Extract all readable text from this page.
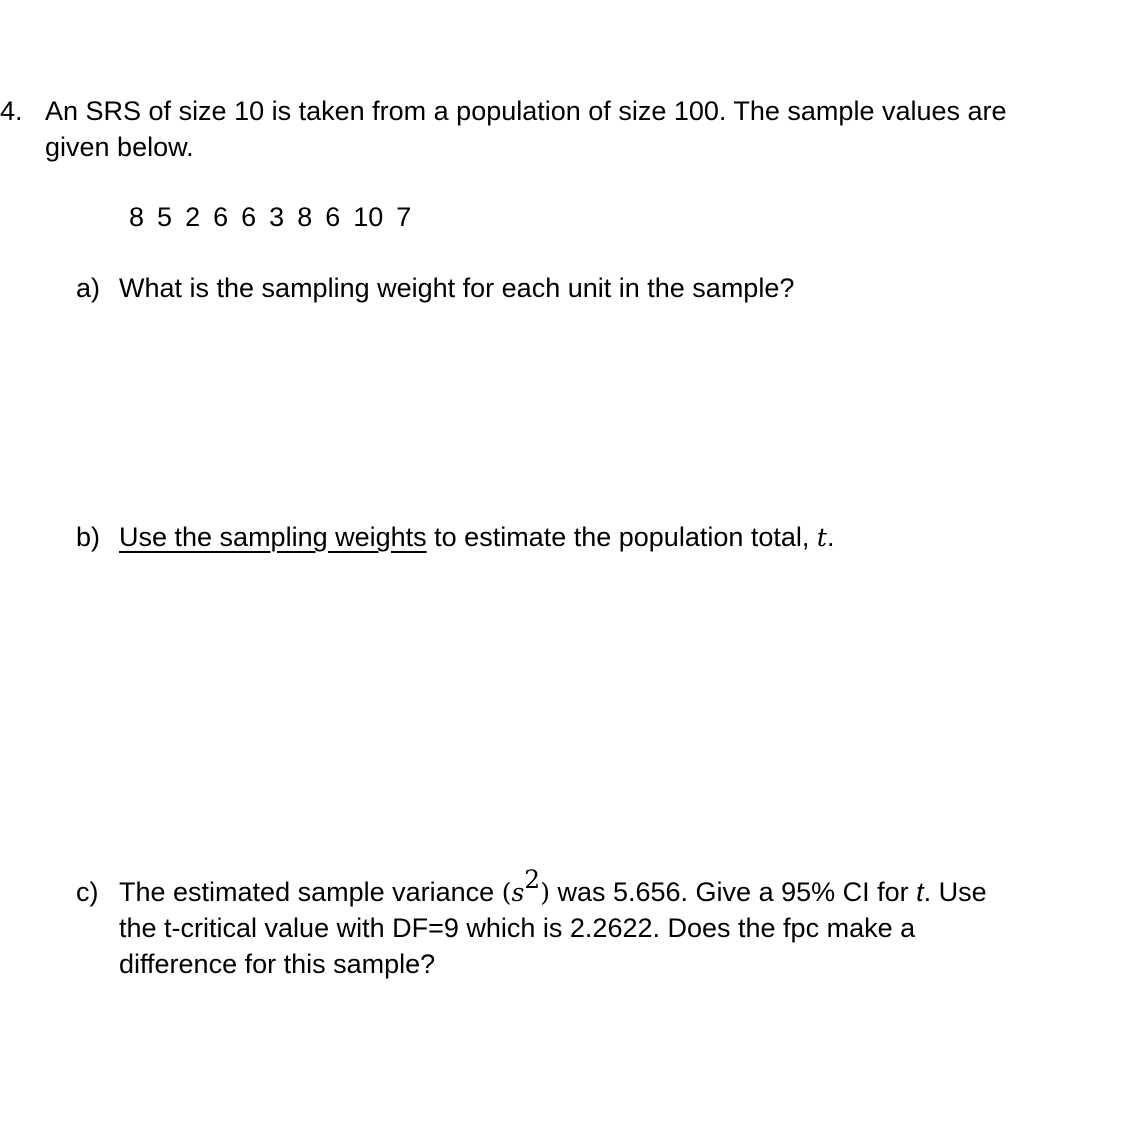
4. An SRS of size 10 is taken from a population of size 100. The sample values are
given below.
8 5 2 6 6 3 8 6 10 7
a) What is the sampling weight for each unit in the sample?
b) Use the sampling weights to estimate the population total, t.
c) The estimated sample variance $(s^2)$ was 5.656. Give a 95% CI for t. Use
the t-critical value with DF=9 which is 2.2622. Does the fpc make a
difference for this sample?
